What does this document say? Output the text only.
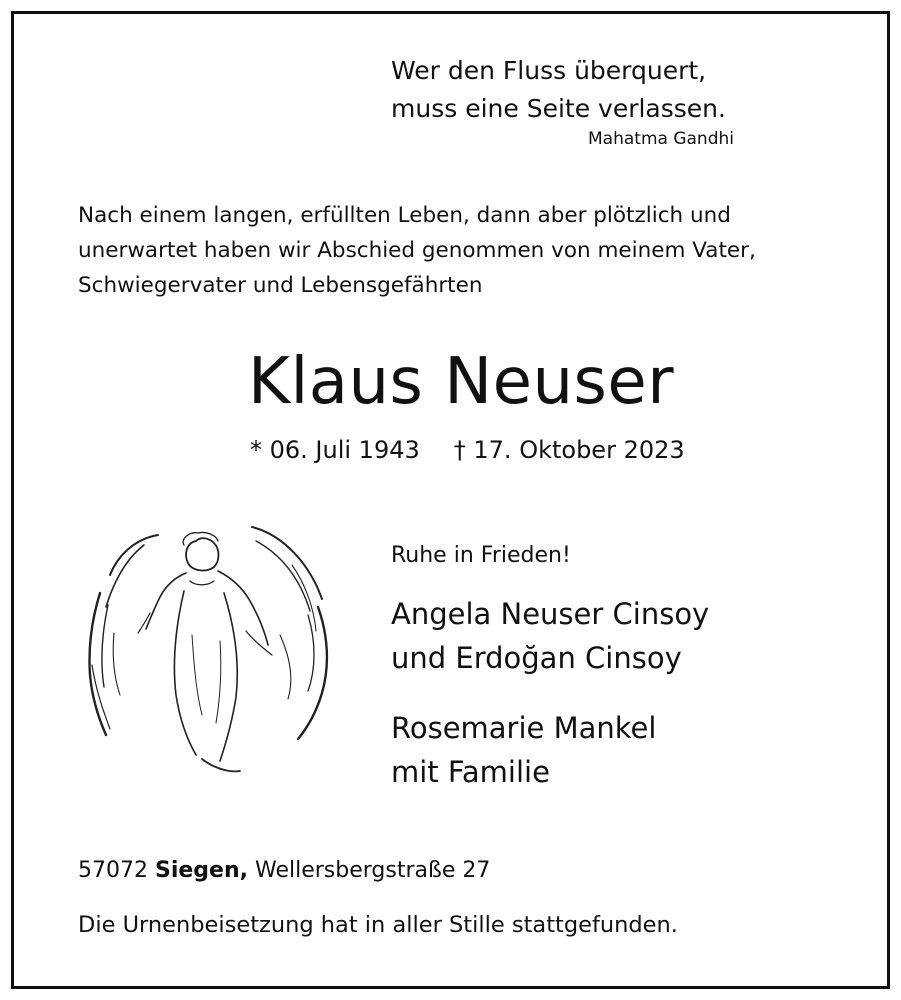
Wer den Fluss überquert,
muss eine Seite verlassen.
Mahatma Gandhi
Nach einem langen, erfüllten Leben, dann aber plötzlich und
unerwartet haben wir Abschied genommen von meinem Vater,
Schwiegervater und Lebensgefährten
Klaus Neuser
* 06. Juli 1943 † 17. Oktober 2023
Ruhe in Frieden!
Angela Neuser Cinsoy
und Erdoğan Cinsoy
Rosemarie Mankel
mit Familie
57072 Siegen, Wellersbergstraße 27
Die Urnenbeisetzung hat in aller Stille stattgefunden.
